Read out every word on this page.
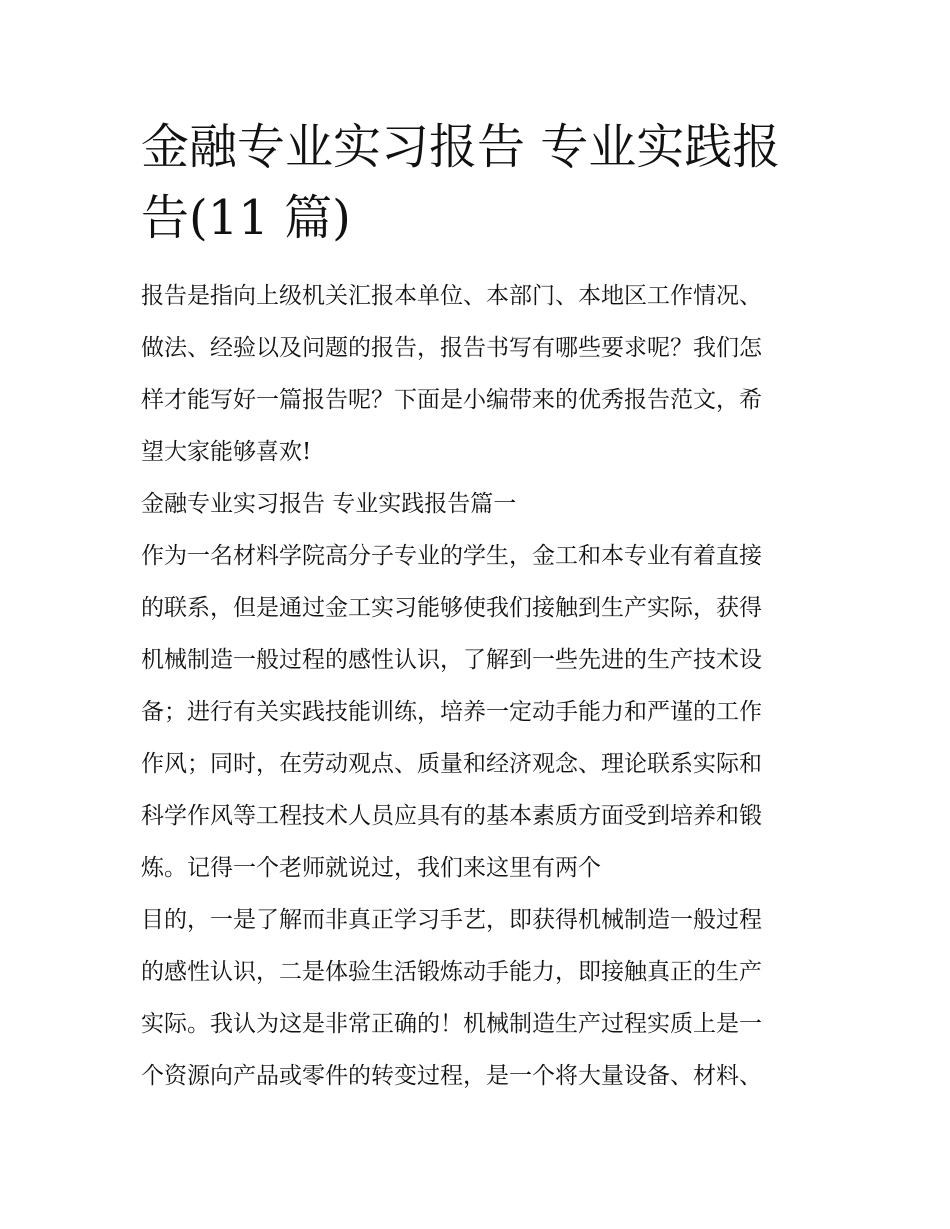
金融专业实习报告 专业实践报
告(11 篇)
报告是指向上级机关汇报本单位、本部门、本地区工作情况、
做法、经验以及问题的报告，报告书写有哪些要求呢？我们怎
样才能写好一篇报告呢？下面是小编带来的优秀报告范文，希
望大家能够喜欢!
金融专业实习报告 专业实践报告篇一
作为一名材料学院高分子专业的学生，金工和本专业有着直接
的联系，但是通过金工实习能够使我们接触到生产实际，获得
机械制造一般过程的感性认识，了解到一些先进的生产技术设
备；进行有关实践技能训练，培养一定动手能力和严谨的工作
作风；同时，在劳动观点、质量和经济观念、理论联系实际和
科学作风等工程技术人员应具有的基本素质方面受到培养和锻
炼。记得一个老师就说过，我们来这里有两个
目的，一是了解而非真正学习手艺，即获得机械制造一般过程
的感性认识，二是体验生活锻炼动手能力，即接触真正的生产
实际。我认为这是非常正确的！机械制造生产过程实质上是一
个资源向产品或零件的转变过程，是一个将大量设备、材料、
